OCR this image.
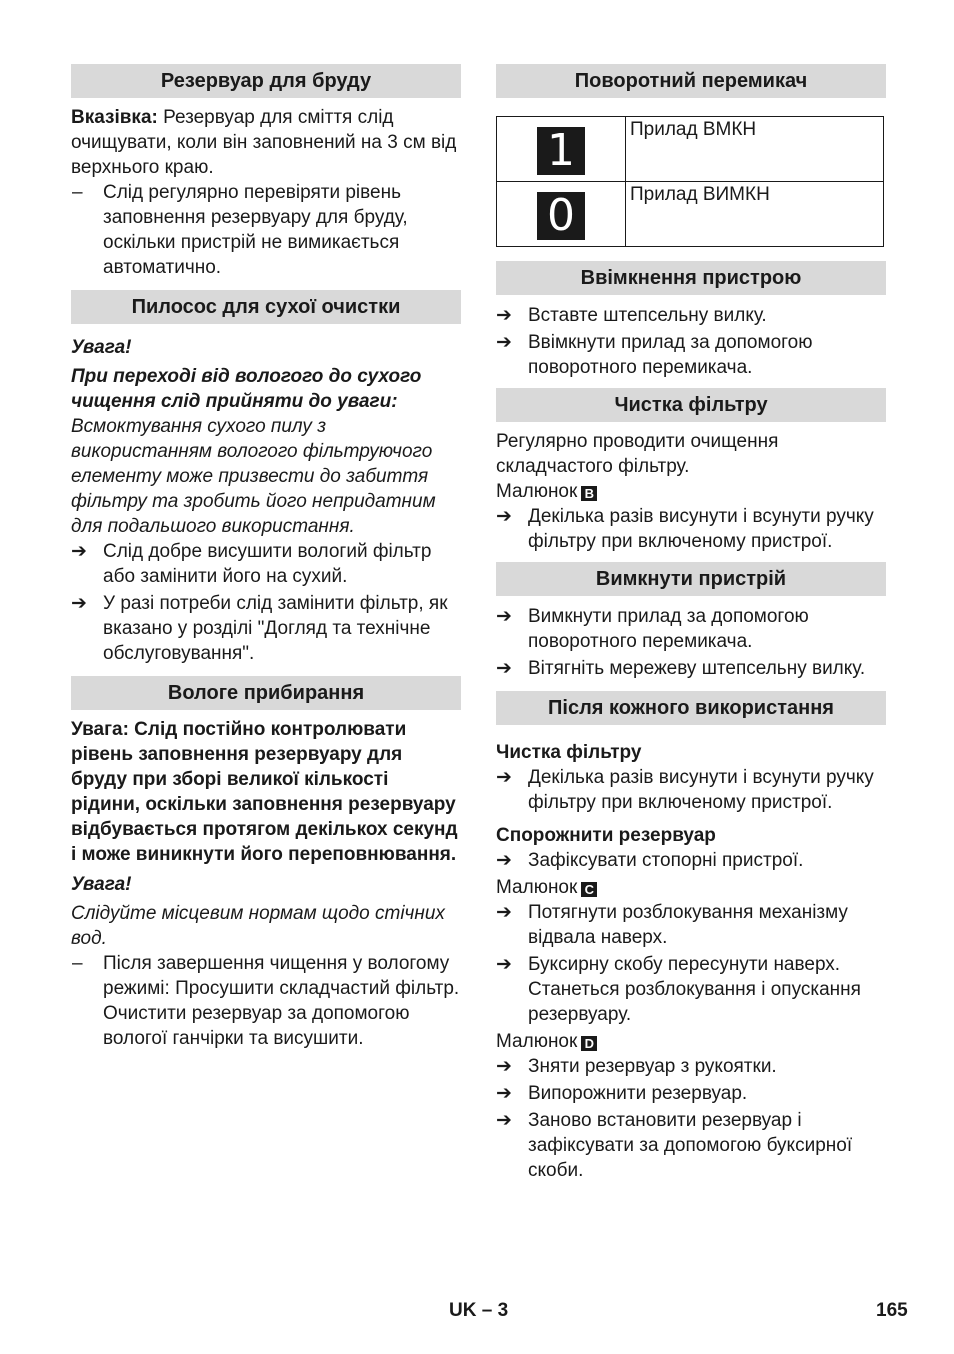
Резервуар для бруду

Вказівка: Резервуар для сміття слід очищувати, коли він заповнений на 3 см від верхнього краю.

–	Слід регулярно перевіряти рівень заповнення резервуару для бруду, оскільки пристрій не вимикається автоматично.
Пилосос для сухої очистки

Увага!

При переході від вологого до сухого чищення слід прийняти до уваги:

Всмоктування сухого пилу з використанням вологого фільтруючого елементу може призвести до забиття фільтру та зробить його непридатним для подальшого використання.

➔ Слід добре висушити вологий фільтр або замінити його на сухий.
➔ У разі потреби слід замінити фільтр, як вказано у розділі "Догляд та технічне обслуговування".
Вологе прибирання

Увага: Слід постійно контролювати рівень заповнення резервуару для бруду при зборі великої кількості рідини, оскільки заповнення резервуару відбувається протягом декількох секунд і може виникнути його переповнювання.

Увага!

Слідуйте місцевим нормам щодо стічних вод.

–	Після завершення чищення у вологому режимі: Просушити складчастий фільтр. Очистити резервуар за допомогою вологої ганчірки та висушити.
Поворотний перемикач
1	Прилад ВМКН

0	Прилад ВИМКН
Ввімкнення пристрою
➔ Вставте штепсельну вилку.
➔ Ввімкнути прилад за допомогою поворотного перемикача.
Чистка фільтру

Регулярно проводити очищення складчастого фільтру.

Малюнок B

➔ Декілька разів висунути і всунути ручку фільтру при включеному пристрої.
Вимкнути пристрій
➔ Вимкнути прилад за допомогою поворотного перемикача.
➔ Вітягніть мережеву штепсельну вилку.
Після кожного використання

Чистка фільтру

➔ Декілька разів висунути і всунути ручку фільтру при включеному пристрої.

Спорожнити резервуар

➔ Зафіксувати стопорні пристрої.

Малюнок C

➔ Потягнути розблокування механізму відвала наверх.
➔ Буксирну скобу пересунути наверх. Станеться розблокування і опускання резервуару.

Малюнок D

➔ Зняти резервуар з рукоятки.
➔ Випорожнити резервуар.
➔ Заново встановити резервуар і зафіксувати за допомогою буксирної скоби.
UK – 3	165
